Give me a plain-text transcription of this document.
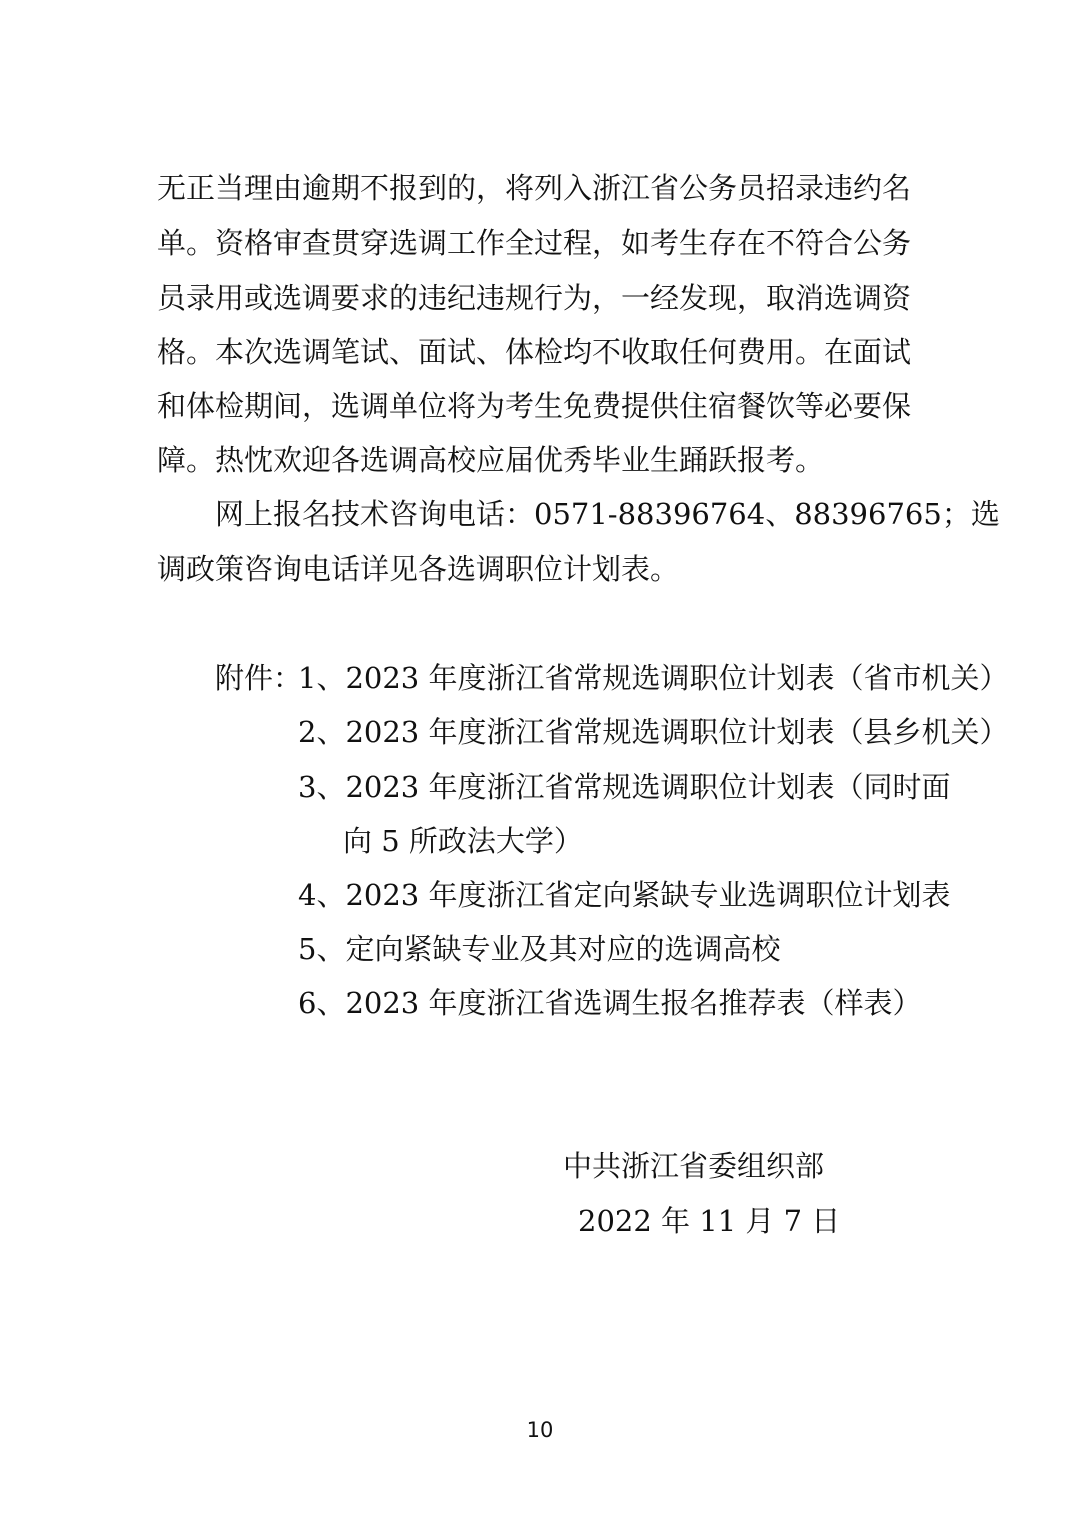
无正当理由逾期不报到的，将列入浙江省公务员招录违约名
单。资格审查贯穿选调工作全过程，如考生存在不符合公务
员录用或选调要求的违纪违规行为，一经发现，取消选调资
格。本次选调笔试、面试、体检均不收取任何费用。在面试
和体检期间，选调单位将为考生免费提供住宿餐饮等必要保
障。热忱欢迎各选调高校应届优秀毕业生踊跃报考。
网上报名技术咨询电话：0571-88396764、88396765；选
调政策咨询电话详见各选调职位计划表。
附件：
1、2023 年度浙江省常规选调职位计划表（省市机关）
2、2023 年度浙江省常规选调职位计划表（县乡机关）
3、2023 年度浙江省常规选调职位计划表（同时面
向 5 所政法大学）
4、2023 年度浙江省定向紧缺专业选调职位计划表
5、定向紧缺专业及其对应的选调高校
6、2023 年度浙江省选调生报名推荐表（样表）
中共浙江省委组织部
2022 年 11 月 7 日
10
